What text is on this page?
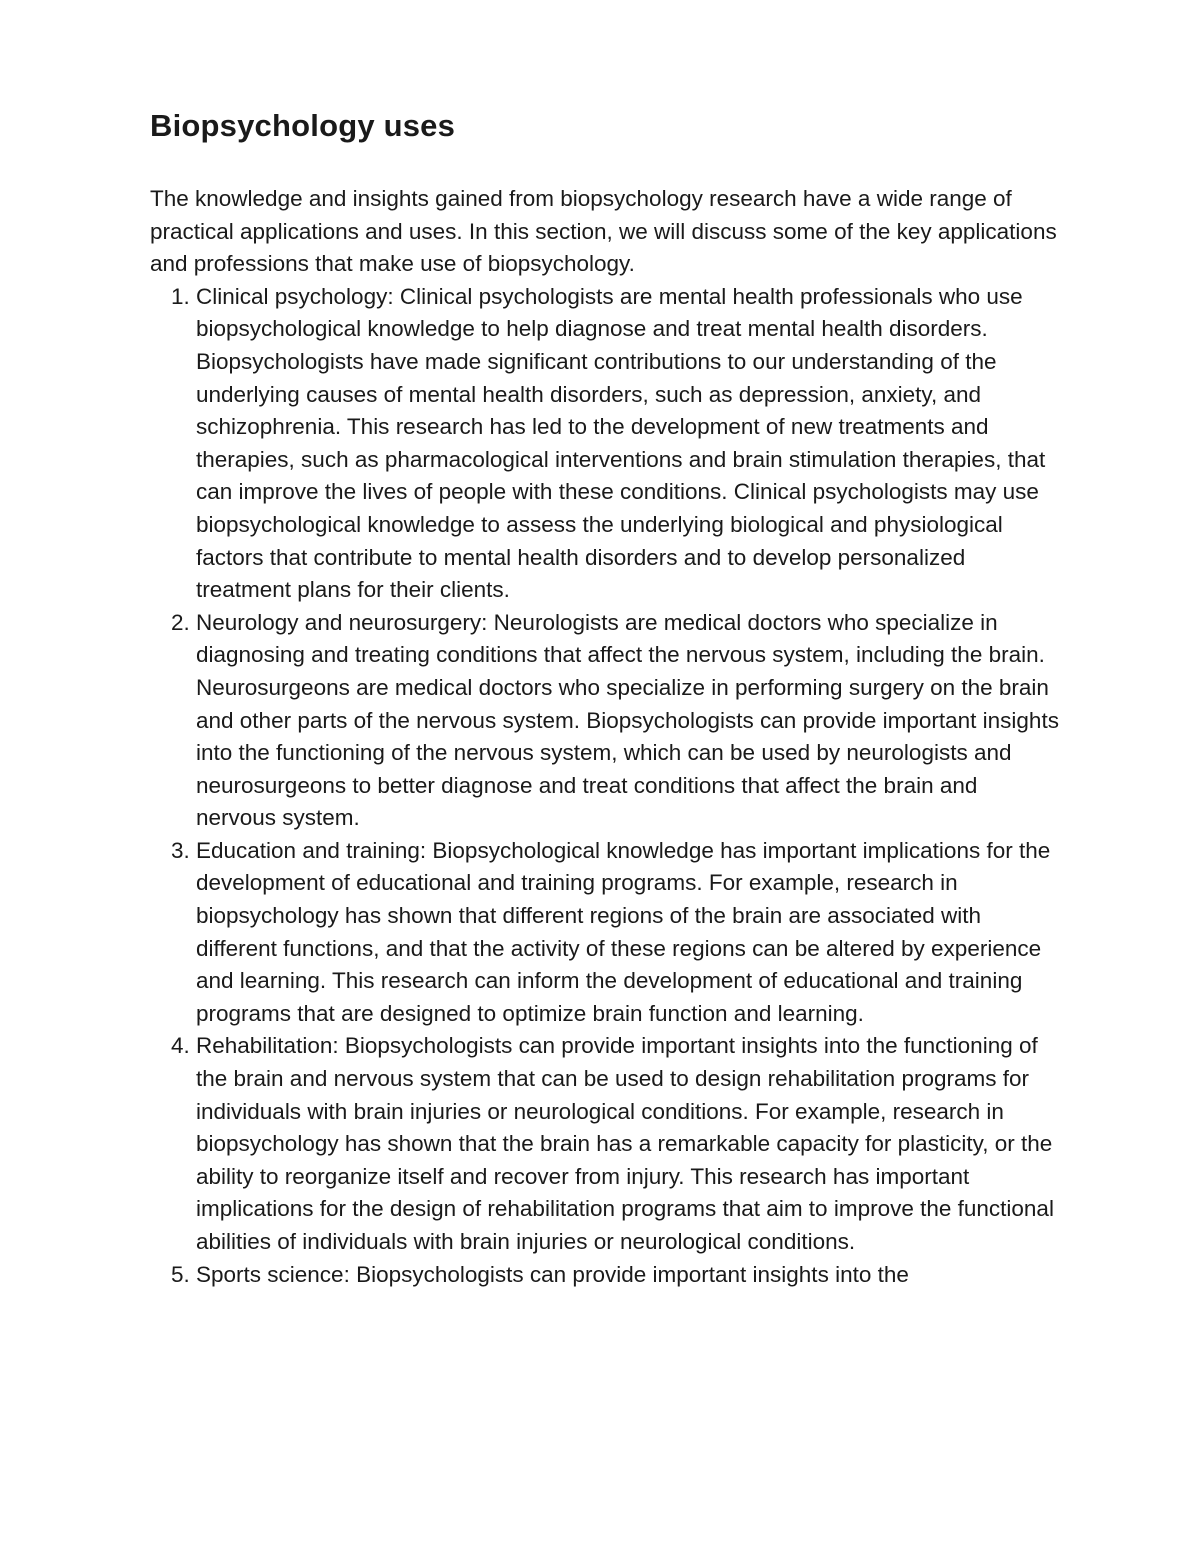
Biopsychology uses

The knowledge and insights gained from biopsychology research have a wide range of practical applications and uses. In this section, we will discuss some of the key applications and professions that make use of biopsychology.

1. Clinical psychology: Clinical psychologists are mental health professionals who use biopsychological knowledge to help diagnose and treat mental health disorders. Biopsychologists have made significant contributions to our understanding of the underlying causes of mental health disorders, such as depression, anxiety, and schizophrenia. This research has led to the development of new treatments and therapies, such as pharmacological interventions and brain stimulation therapies, that can improve the lives of people with these conditions. Clinical psychologists may use biopsychological knowledge to assess the underlying biological and physiological factors that contribute to mental health disorders and to develop personalized treatment plans for their clients.
2. Neurology and neurosurgery: Neurologists are medical doctors who specialize in diagnosing and treating conditions that affect the nervous system, including the brain. Neurosurgeons are medical doctors who specialize in performing surgery on the brain and other parts of the nervous system. Biopsychologists can provide important insights into the functioning of the nervous system, which can be used by neurologists and neurosurgeons to better diagnose and treat conditions that affect the brain and nervous system.
3. Education and training: Biopsychological knowledge has important implications for the development of educational and training programs. For example, research in biopsychology has shown that different regions of the brain are associated with different functions, and that the activity of these regions can be altered by experience and learning. This research can inform the development of educational and training programs that are designed to optimize brain function and learning.
4. Rehabilitation: Biopsychologists can provide important insights into the functioning of the brain and nervous system that can be used to design rehabilitation programs for individuals with brain injuries or neurological conditions. For example, research in biopsychology has shown that the brain has a remarkable capacity for plasticity, or the ability to reorganize itself and recover from injury. This research has important implications for the design of rehabilitation programs that aim to improve the functional abilities of individuals with brain injuries or neurological conditions.
5. Sports science: Biopsychologists can provide important insights into the
